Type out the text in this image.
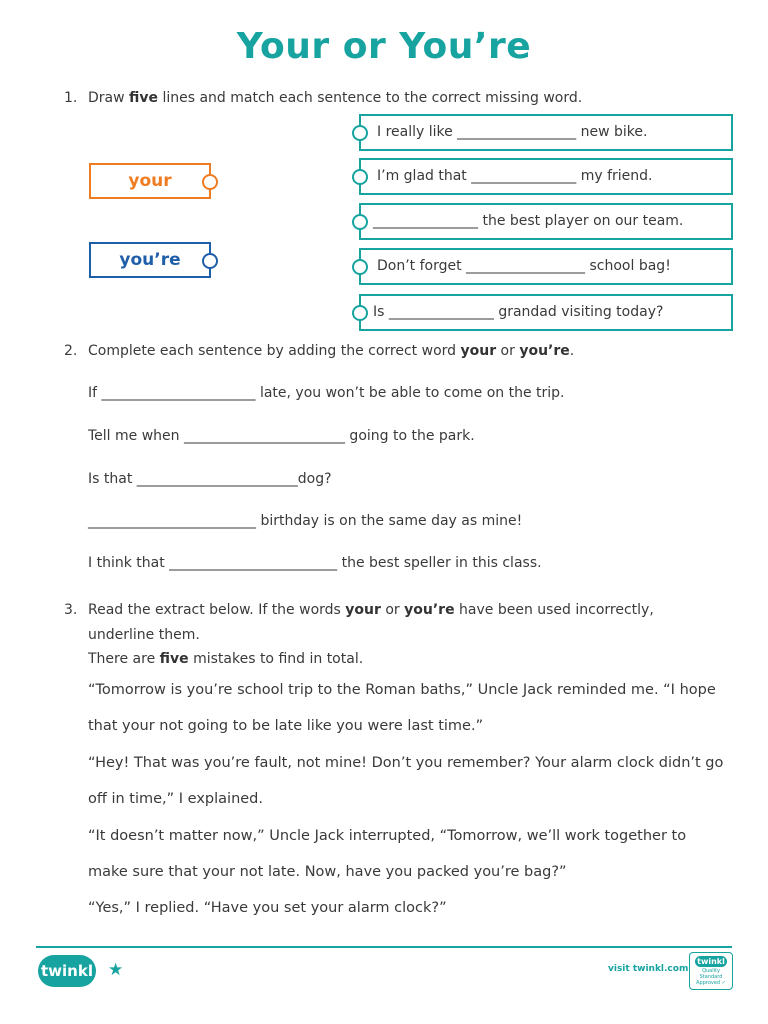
Your or You’re
1. Draw five lines and match each sentence to the correct missing word.
your
you’re
I really like _________________ new bike.
I’m glad that _______________ my friend.
_______________ the best player on our team.
Don’t forget _________________ school bag!
Is _______________ grandad visiting today?
2. Complete each sentence by adding the correct word your or you’re.
If ______________________ late, you won’t be able to come on the trip.
Tell me when _______________________ going to the park.
Is that _______________________dog?
________________________ birthday is on the same day as mine!
I think that ________________________ the best speller in this class.
3. Read the extract below. If the words your or you’re have been used incorrectly,
underline them.
There are five mistakes to find in total.
“Tomorrow is you’re school trip to the Roman baths,” Uncle Jack reminded me. “I hope
that your not going to be late like you were last time.”
“Hey! That was you’re fault, not mine! Don’t you remember? Your alarm clock didn’t go
off in time,” I explained.
“It doesn’t matter now,” Uncle Jack interrupted, “Tomorrow, we’ll work together to
make sure that your not late. Now, have you packed you’re bag?”
“Yes,” I replied. “Have you set your alarm clock?”
twinkl ★	visit twinkl.com
twinkl
Quality Standard
Approved ✓
